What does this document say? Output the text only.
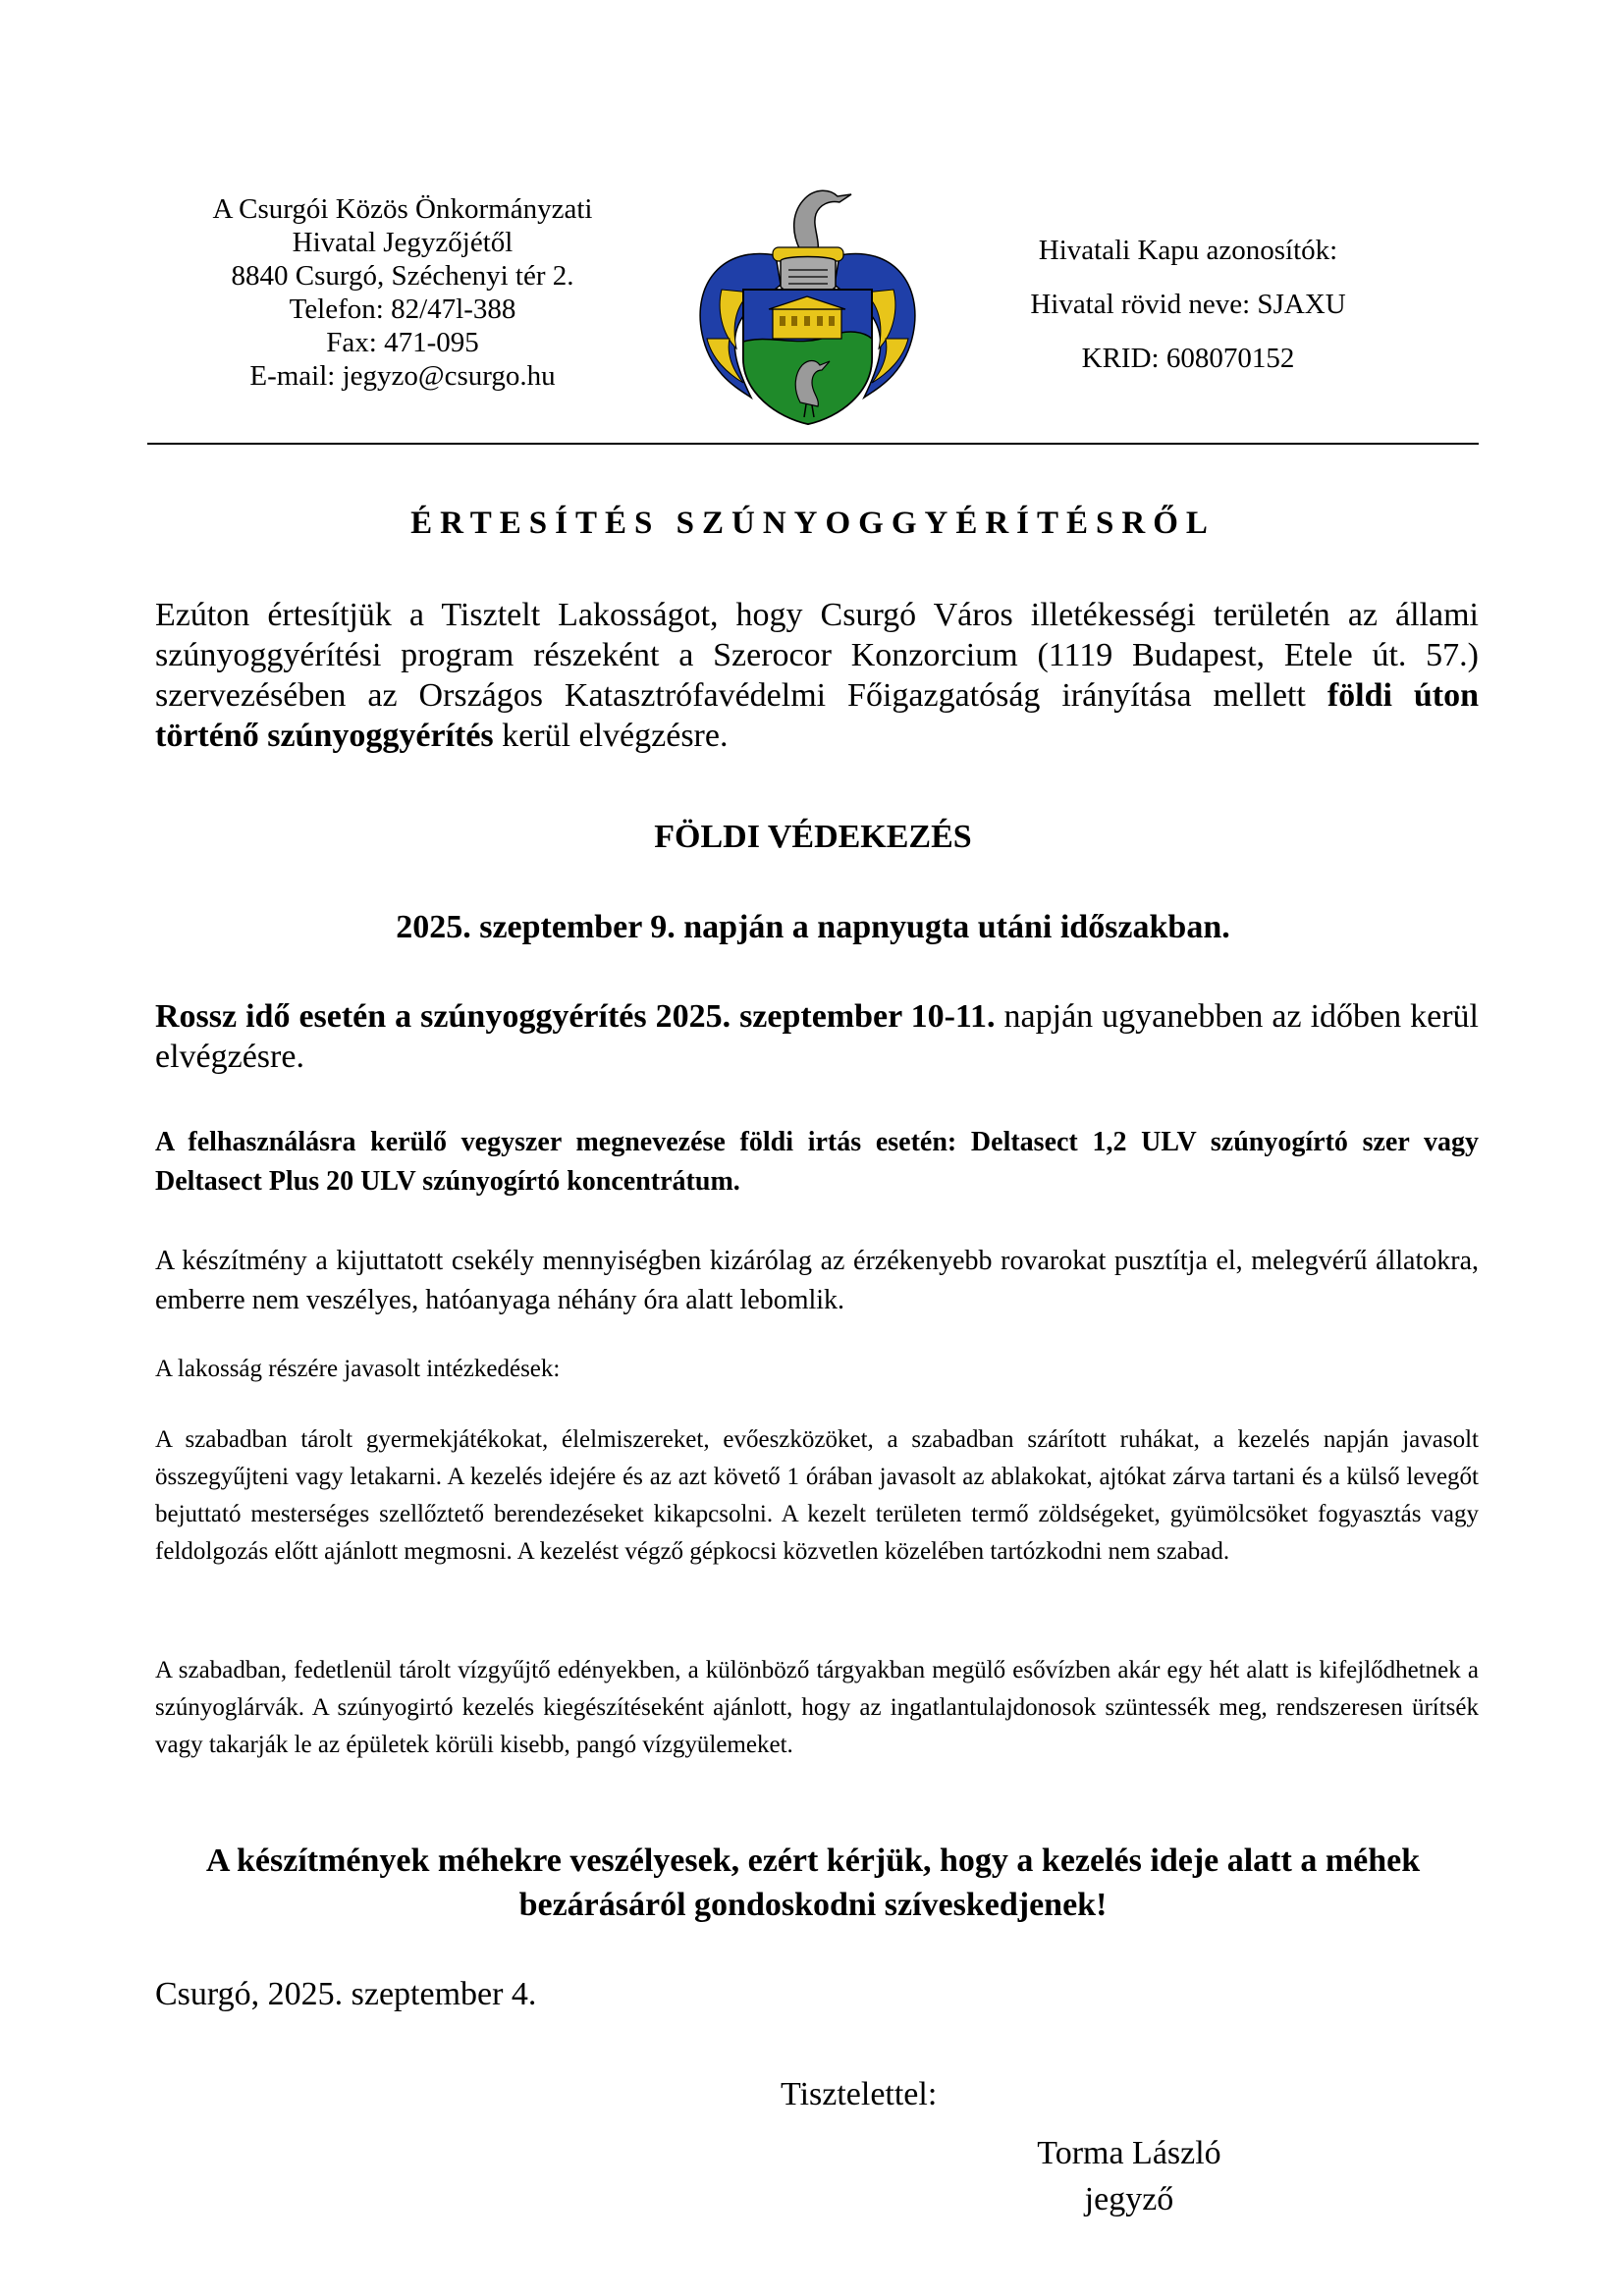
A Csurgói Közös Önkormányzati
Hivatal Jegyzőjétől
8840 Csurgó, Széchenyi tér 2.
Telefon: 82/47l-388
Fax: 471-095
E-mail: jegyzo@csurgo.hu
Hivatali Kapu azonosítók:
Hivatal rövid neve: SJAXU
KRID: 608070152
ÉRTESÍTÉS SZÚNYOGGYÉRÍTÉSRŐL
Ezúton értesítjük a Tisztelt Lakosságot, hogy Csurgó Város illetékességi területén az állami szúnyoggyérítési program részeként a Szerocor Konzorcium (1119 Budapest, Etele út. 57.) szervezésében az Országos Katasztrófavédelmi Főigazgatóság irányítása mellett földi úton történő szúnyoggyérítés kerül elvégzésre.
FÖLDI VÉDEKEZÉS
2025. szeptember 9. napján a napnyugta utáni időszakban.
Rossz idő esetén a szúnyoggyérítés 2025. szeptember 10-11. napján ugyanebben az időben kerül elvégzésre.
A felhasználásra kerülő vegyszer megnevezése földi irtás esetén: Deltasect 1,2 ULV szúnyogírtó szer vagy Deltasect Plus 20 ULV szúnyogírtó koncentrátum.
A készítmény a kijuttatott csekély mennyiségben kizárólag az érzékenyebb rovarokat pusztítja el, melegvérű állatokra, emberre nem veszélyes, hatóanyaga néhány óra alatt lebomlik.
A lakosság részére javasolt intézkedések:
A szabadban tárolt gyermekjátékokat, élelmiszereket, evőeszközöket, a szabadban szárított ruhákat, a kezelés napján javasolt összegyűjteni vagy letakarni. A kezelés idejére és az azt követő 1 órában javasolt az ablakokat, ajtókat zárva tartani és a külső levegőt bejuttató mesterséges szellőztető berendezéseket kikapcsolni. A kezelt területen termő zöldségeket, gyümölcsöket fogyasztás vagy feldolgozás előtt ajánlott megmosni. A kezelést végző gépkocsi közvetlen közelében tartózkodni nem szabad.
A szabadban, fedetlenül tárolt vízgyűjtő edényekben, a különböző tárgyakban megülő esővízben akár egy hét alatt is kifejlődhetnek a szúnyoglárvák. A szúnyogirtó kezelés kiegészítéseként ajánlott, hogy az ingatlantulajdonosok szüntessék meg, rendszeresen ürítsék vagy takarják le az épületek körüli kisebb, pangó vízgyülemeket.
A készítmények méhekre veszélyesek, ezért kérjük, hogy a kezelés ideje alatt a méhek bezárásáról gondoskodni szíveskedjenek!
Csurgó, 2025. szeptember 4.
Tisztelettel:
Torma László
jegyző
